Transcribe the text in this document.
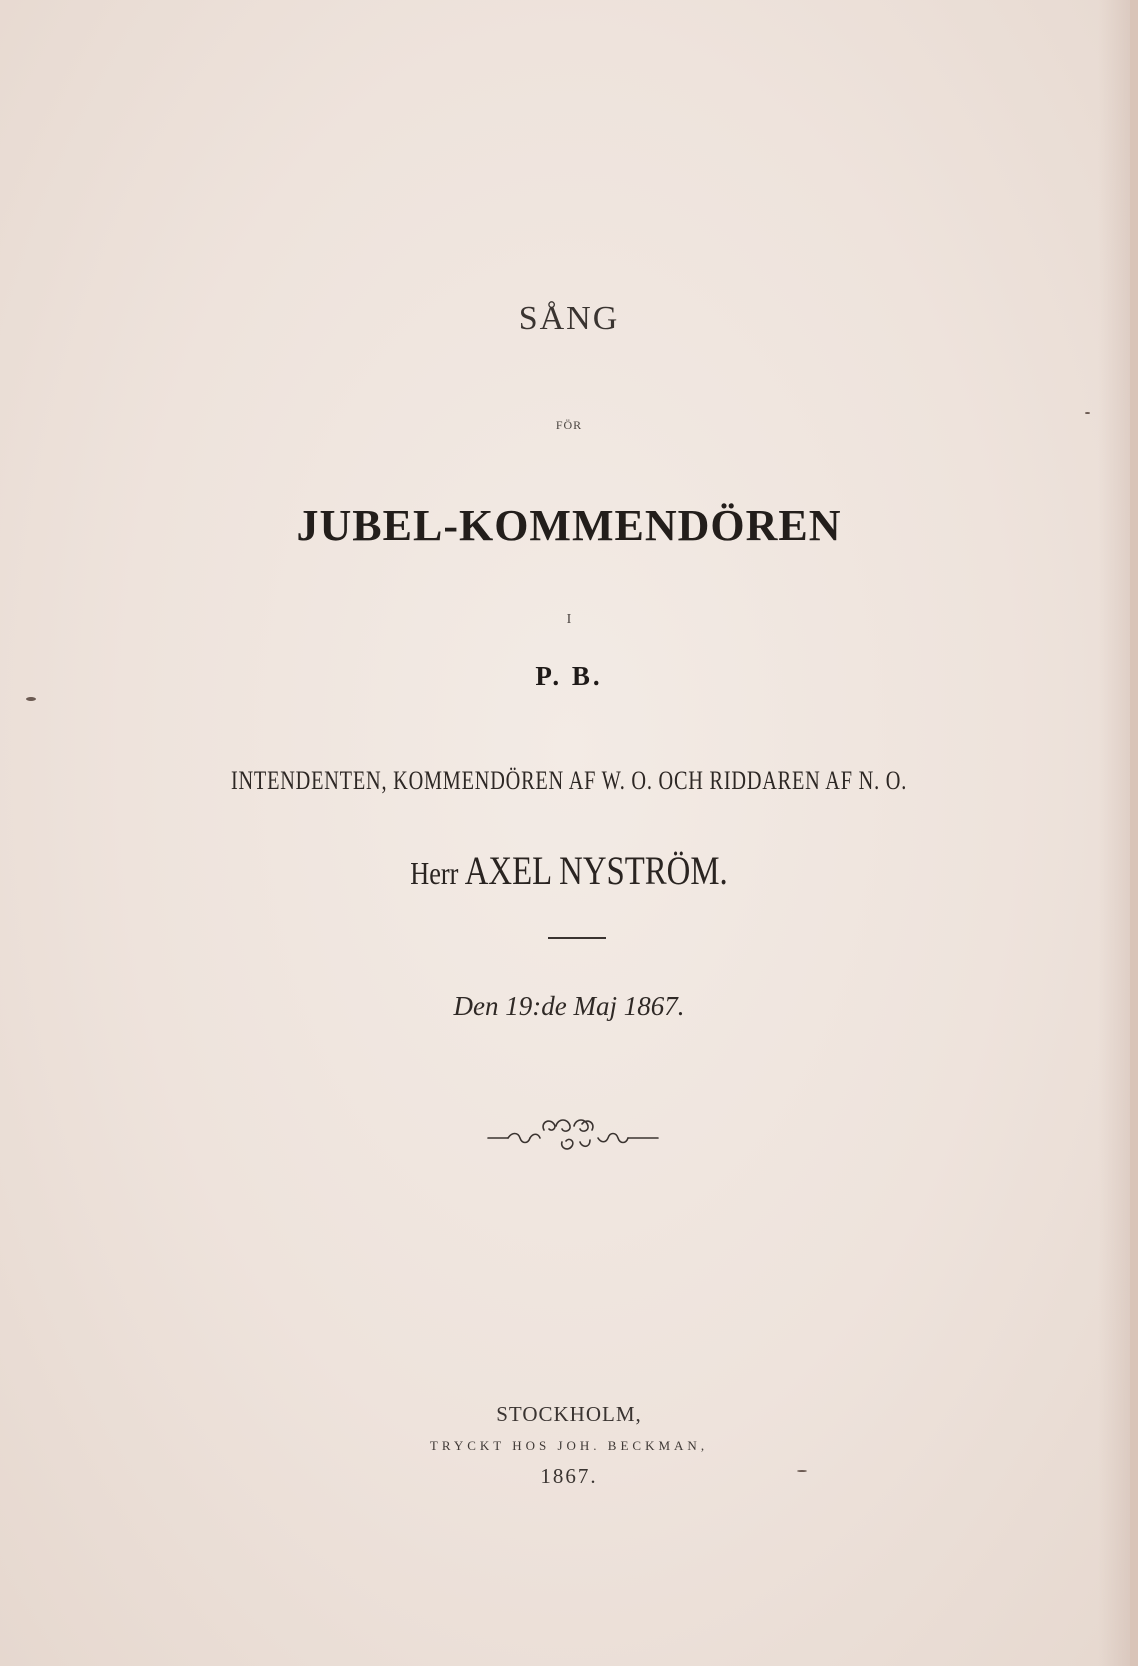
SÅNG
FÖR
JUBEL-KOMMENDÖREN
I
P. B.
INTENDENTEN, KOMMENDÖREN AF W. O. OCH RIDDAREN AF N. O.
Herr AXEL NYSTRÖM.
Den 19:de Maj 1867.
STOCKHOLM,
TRYCKT HOS JOH. BECKMAN,
1867.
